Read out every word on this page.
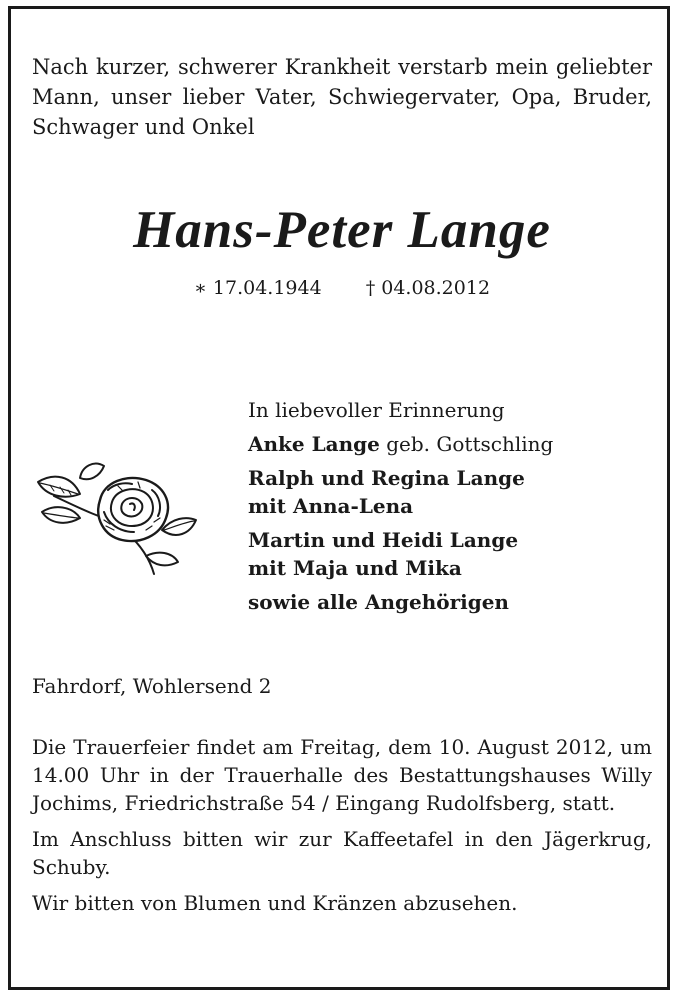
Nach kurzer, schwerer Krankheit verstarb mein geliebter Mann, unser lieber Vater, Schwiegervater, Opa, Bruder, Schwager und Onkel
Hans-Peter Lange
∗ 17.04.1944 † 04.08.2012
In liebevoller Erinnerung
Anke Lange geb. Gottschling
Ralph und Regina Lange
mit Anna-Lena
Martin und Heidi Lange
mit Maja und Mika
sowie alle Angehörigen
Fahrdorf, Wohlersend 2

Die Trauerfeier findet am Freitag, dem 10. August 2012, um 14.00 Uhr in der Trauerhalle des Bestattungshauses Willy Jochims, Friedrichstraße 54 / Eingang Rudolfsberg, statt.

Im Anschluss bitten wir zur Kaffeetafel in den Jägerkrug, Schuby.

Wir bitten von Blumen und Kränzen abzusehen.
